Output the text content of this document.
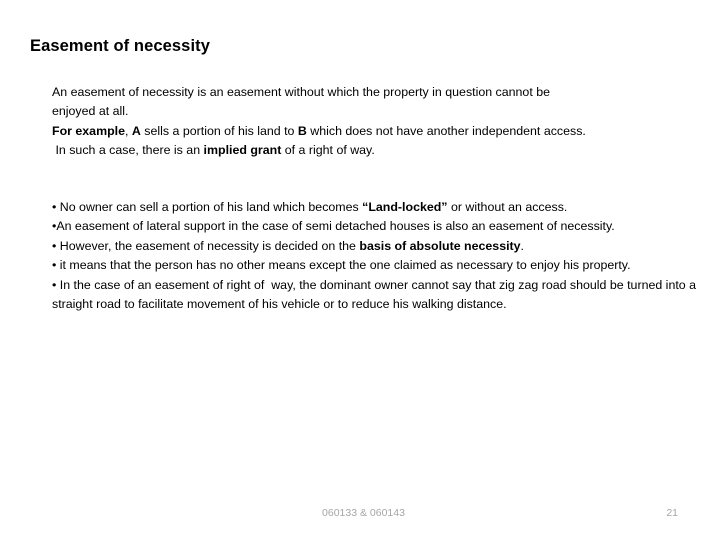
Easement of necessity
An easement of necessity is an easement without which the property in question cannot be
enjoyed at all.
For example, A sells a portion of his land to B which does not have another independent access.
In such a case, there is an implied grant of a right of way.
• No owner can sell a portion of his land which becomes “Land-locked” or without an access.
•An easement of lateral support in the case of semi detached houses is also an easement of necessity.
• However, the easement of necessity is decided on the basis of absolute necessity.
• it means that the person has no other means except the one claimed as necessary to enjoy his property.
• In the case of an easement of right of  way, the dominant owner cannot say that zig zag road should be turned into a straight road to facilitate movement of his vehicle or to reduce his walking distance.
060133 & 060143	21
